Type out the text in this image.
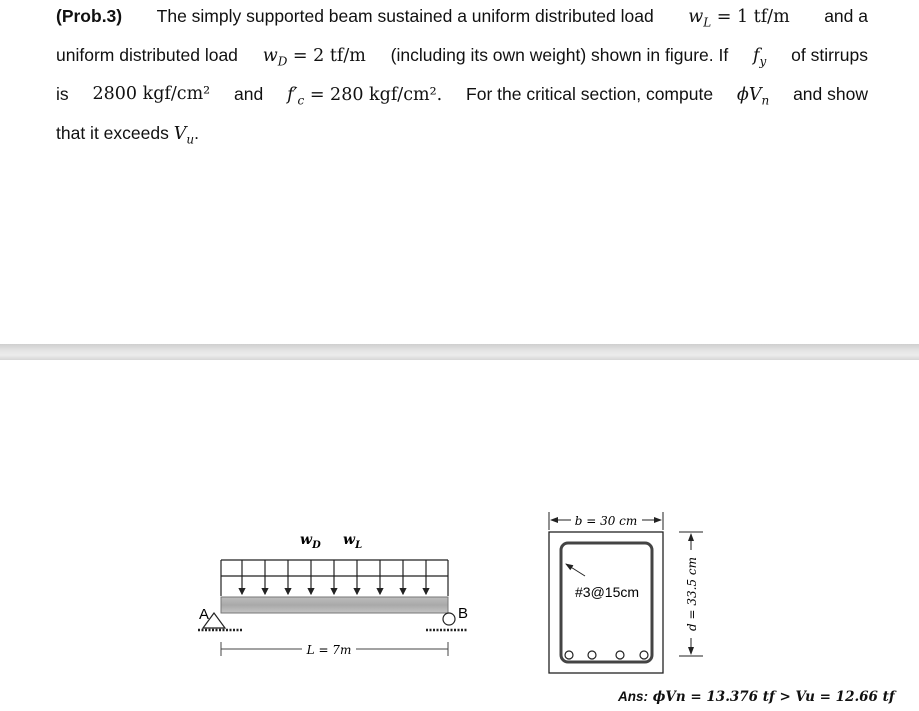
(Prob.3) The simply supported beam sustained a uniform distributed load $w_L = 1$ tf/m and a
uniform distributed load $w_D = 2$ tf/m (including its own weight) shown in figure. If $f_y$ of stirrups
is 2800 kgf/cm² and $f'_c = 280$ kgf/cm². For the critical section, compute $\phi V_n$ and show
that it exceeds $V_u$.
$w_D$ $w_L$
A	B
L = 7m
b = 30 cm
#3@15cm	d = 33.5 cm
Ans: ϕVn = 13.376 tf > Vu = 12.66 tf
